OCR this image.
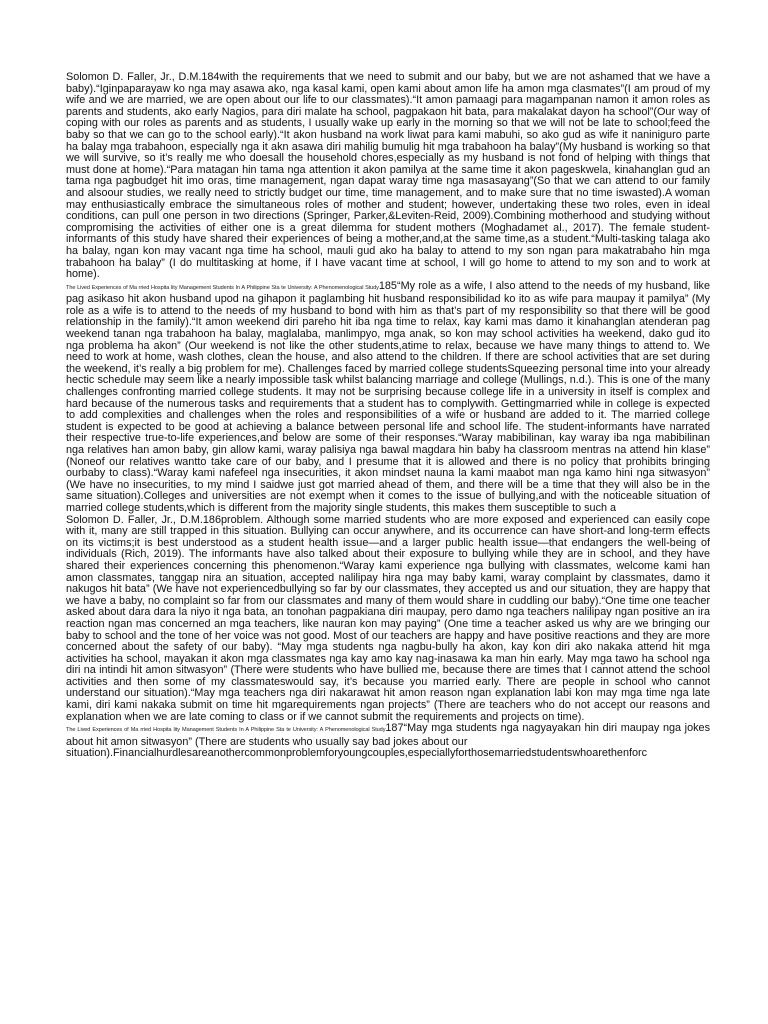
Solomon D. Faller, Jr., D.M.184with the requirements that we need to submit and our baby, but we are not ashamed that we have a baby).“Iginpaparayaw ko nga may asawa ako, nga kasal kami, open kami about amon life ha amon mga clasmates”(I am proud of my wife and we are married, we are open about our life to our classmates).“It amon pamaagi para magampanan namon it amon roles as parents and students, ako early Nagios, para diri malate ha school, pagpakaon hit bata, para makalakat dayon ha school”(Our way of coping with our roles as parents and as students, I usually wake up early in the morning so that we will not be late to school;feed the baby so that we can go to the school early).“It akon husband na work liwat para kami mabuhi, so ako gud as wife it naniniguro parte ha balay mga trabahoon, especially nga it akn asawa diri mahilig bumulig hit mga trabahoon ha balay”(My husband is working so that we will survive, so it’s really me who doesall the household chores,especially as my husband is not fond of helping with things that must done at home).“Para matagan hin tama nga attention it akon pamilya at the same time it akon pageskwela, kinahanglan gud an tama nga pagbudget hit imo oras, time management, ngan dapat waray time nga masasayang”(So that we can attend to our family and alsoour studies, we really need to strictly budget our time, time management, and to make sure that no time iswasted).A woman may enthusiastically embrace the simultaneous roles of mother and student; however, undertaking these two roles, even in ideal conditions, can pull one person in two directions (Springer, Parker,&Leviten-Reid, 2009).Combining motherhood and studying without compromising the activities of either one is a great dilemma for student mothers (Moghadamet al., 2017). The female student-informants of this study have shared their experiences of being a mother,and,at the same time,as a student.“Multi-tasking talaga ako ha balay, ngan kon may vacant nga time ha school, mauli gud ako ha balay to attend to my son ngan para makatrabaho hin mga trabahoon ha balay” (I do multitasking at home, if I have vacant time at school, I will go home to attend to my son and to work at home).

The Lived Experiences of Ma rried Hospita lity Management Students In A Philippine Sta te University: A Phenomenological Study185“My role as a wife, I also attend to the needs of my husband, like pag asikaso hit akon husband upod na gihapon it paglambing hit husband responsibilidad ko ito as wife para maupay it pamilya” (My role as a wife is to attend to the needs of my husband to bond with him as that’s part of my responsibility so that there will be good relationship in the family).“It amon weekend diri pareho hit iba nga time to relax, kay kami mas damo it kinahanglan atenderan pag weekend tanan nga trabahoon ha balay, maglalaba, manlimpyo, mga anak, so kon may school activities ha weekend, dako gud ito nga problema ha akon” (Our weekend is not like the other students,atime to relax, because we have many things to attend to. We need to work at home, wash clothes, clean the house, and also attend to the children. If there are school activities that are set during the weekend, it’s really a big problem for me). Challenges faced by married college studentsSqueezing personal time into your already hectic schedule may seem like a nearly impossible task whilst balancing marriage and college (Mullings, n.d.). This is one of the many challenges confronting married college students. It may not be surprising because college life in a university in itself is complex and hard because of the numerous tasks and requirements that a student has to complywith. Gettingmarried while in college is expected to add complexities and challenges when the roles and responsibilities of a wife or husband are added to it. The married college student is expected to be good at achieving a balance between personal life and school life. The student-informants have narrated their respective true-to-life experiences,and below are some of their responses.“Waray mabibilinan, kay waray iba nga mabibilinan nga relatives han amon baby, gin allow kami, waray palisiya nga bawal magdara hin baby ha classroom mentras na attend hin klase” (Noneof our relatives wantto take care of our baby, and I presume that it is allowed and there is no policy that prohibits bringing ourbaby to class).“Waray kami nafefeel nga insecurities, it akon mindset nauna la kami maabot man nga kamo hini nga sitwasyon” (We have no insecurities, to my mind I saidwe just got married ahead of them, and there will be a time that they will also be in the same situation).Colleges and universities are not exempt when it comes to the issue of bullying,and with the noticeable situation of married college students,which is different from the majority single students, this makes them susceptible to such a

Solomon D. Faller, Jr., D.M.186problem. Although some married students who are more exposed and experienced can easily cope with it, many are still trapped in this situation. Bullying can occur anywhere, and its occurrence can have short-and long-term effects on its victims;it is best understood as a student health issue—and a larger public health issue—that endangers the well-being of individuals (Rich, 2019). The informants have also talked about their exposure to bullying while they are in school, and they have shared their experiences concerning this phenomenon.“Waray kami experience nga bullying with classmates, welcome kami han amon classmates, tanggap nira an situation, accepted nalilipay hira nga may baby kami, waray complaint by classmates, damo it nakugos hit bata” (We have not experiencedbullying so far by our classmates, they accepted us and our situation, they are happy that we have a baby, no complaint so far from our classmates and many of them would share in cuddling our baby).“One time one teacher asked about dara dara la niyo it nga bata, an tonohan pagpakiana diri maupay, pero damo nga teachers nalilipay ngan positive an ira reaction ngan mas concerned an mga teachers, like nauran kon may paying” (One time a teacher asked us why are we bringing our baby to school and the tone of her voice was not good. Most of our teachers are happy and have positive reactions and they are more concerned about the safety of our baby). “May mga students nga nagbu-bully ha akon, kay kon diri ako nakaka attend hit mga activities ha school, mayakan it akon mga classmates nga kay amo kay nag-inasawa ka man hin early. May mga tawo ha school nga diri na intindi hit amon sitwasyon” (There were students who have bullied me, because there are times that I cannot attend the school activities and then some of my classmateswould say, it’s because you married early. There are people in school who cannot understand our situation).“May mga teachers nga diri nakarawat hit amon reason ngan explanation labi kon may mga time nga late kami, diri kami nakaka submit on time hit mgarequirements ngan projects” (There are teachers who do not accept our reasons and explanation when we are late coming to class or if we cannot submit the requirements and projects on time).

The Lived Experiences of Ma rried Hospita lity Management Students In A Philippine Sta te University: A Phenomenological Study187“May mga students nga nagyayakan hin diri maupay nga jokes about hit amon sitwasyon” (There are students who usually say bad jokes about our

situation).Financialhurdlesareanothercommonproblemforyoungcouples,especiallyforthosemarriedstudentswhoarethenforc
